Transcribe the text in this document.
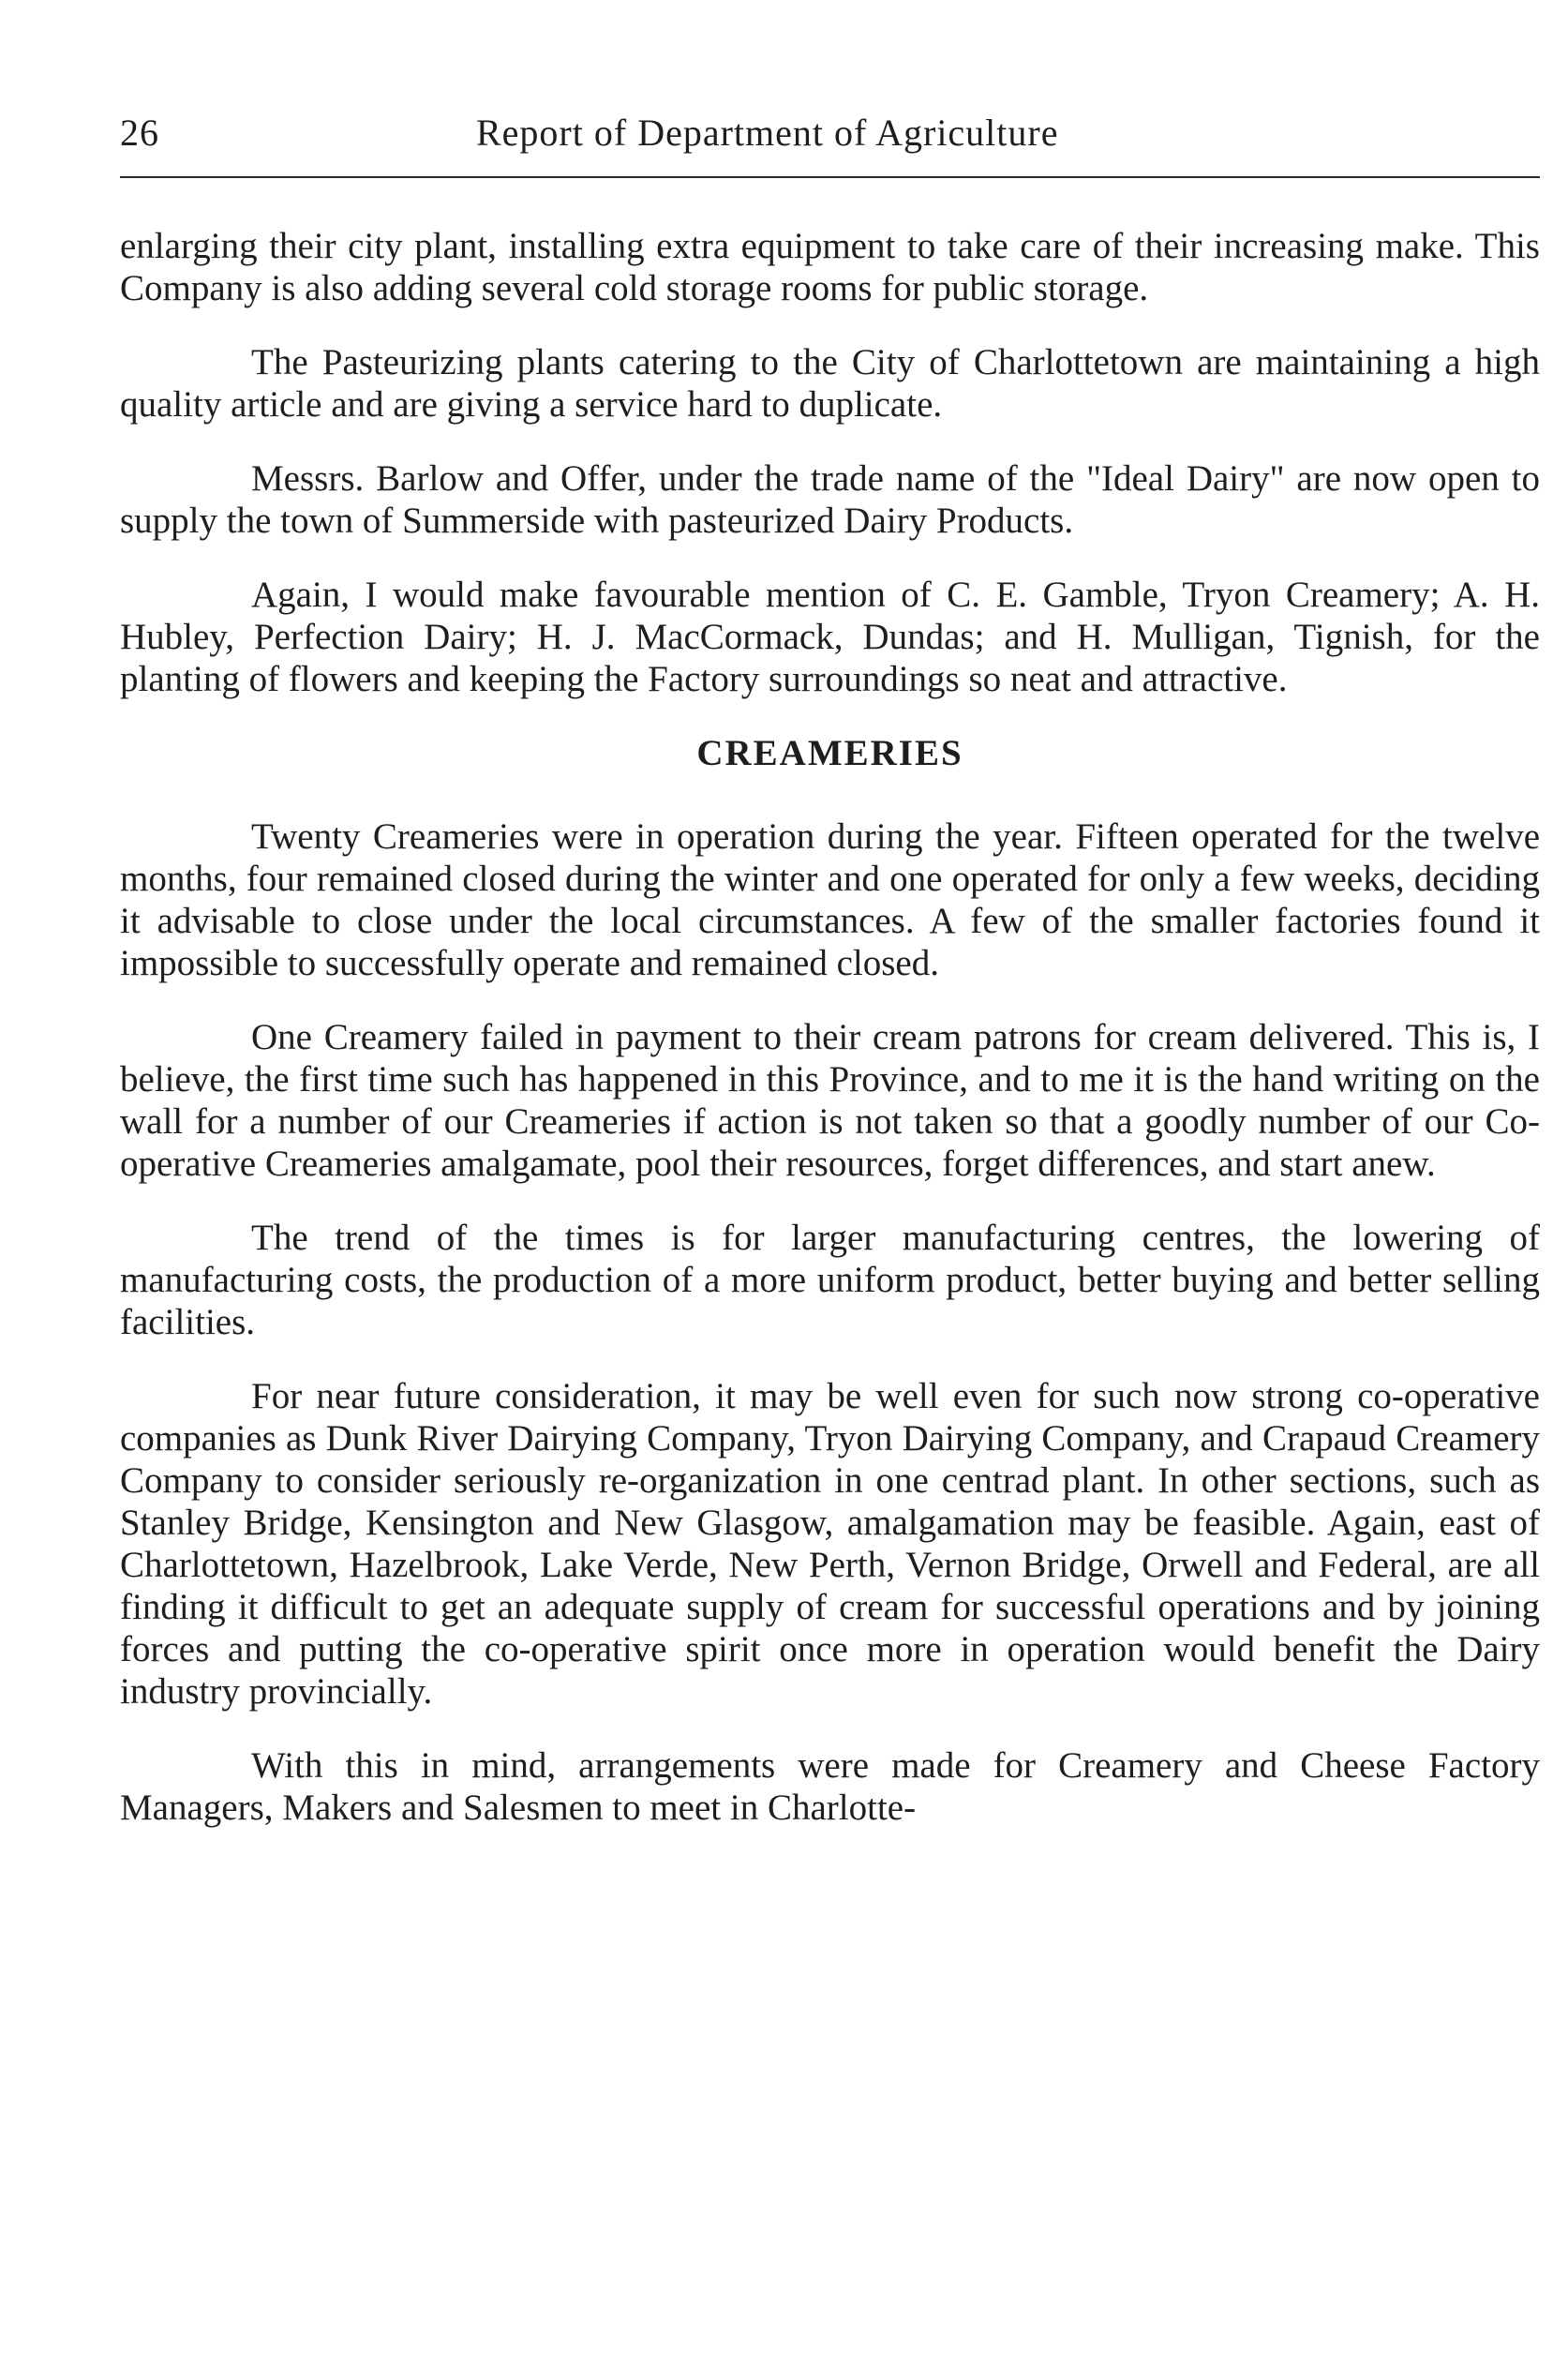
26	Report of Department of Agriculture

enlarging their city plant, installing extra equipment to take care of their increasing make. This Company is also adding several cold storage rooms for public storage.

The Pasteurizing plants catering to the City of Charlottetown are maintaining a high quality article and are giving a service hard to duplicate.

Messrs. Barlow and Offer, under the trade name of the "Ideal Dairy" are now open to supply the town of Summerside with pasteurized Dairy Products.

Again, I would make favourable mention of C. E. Gamble, Tryon Creamery; A. H. Hubley, Perfection Dairy; H. J. MacCormack, Dundas; and H. Mulligan, Tignish, for the planting of flowers and keeping the Factory surroundings so neat and attractive.

CREAMERIES

Twenty Creameries were in operation during the year. Fifteen operated for the twelve months, four remained closed during the winter and one operated for only a few weeks, deciding it advisable to close under the local circumstances. A few of the smaller factories found it impossible to successfully operate and remained closed.

One Creamery failed in payment to their cream patrons for cream delivered. This is, I believe, the first time such has happened in this Province, and to me it is the hand writing on the wall for a number of our Creameries if action is not taken so that a goodly number of our Co-operative Creameries amalgamate, pool their resources, forget differences, and start anew.

The trend of the times is for larger manufacturing centres, the lowering of manufacturing costs, the production of a more uniform product, better buying and better selling facilities.

For near future consideration, it may be well even for such now strong co-operative companies as Dunk River Dairying Company, Tryon Dairying Company, and Crapaud Creamery Company to consider seriously re-organization in one centrad plant. In other sections, such as Stanley Bridge, Kensington and New Glasgow, amalgamation may be feasible. Again, east of Charlottetown, Hazelbrook, Lake Verde, New Perth, Vernon Bridge, Orwell and Federal, are all finding it difficult to get an adequate supply of cream for successful operations and by joining forces and putting the co-operative spirit once more in operation would benefit the Dairy industry provincially.

With this in mind, arrangements were made for Creamery and Cheese Factory Managers, Makers and Salesmen to meet in Charlotte-
